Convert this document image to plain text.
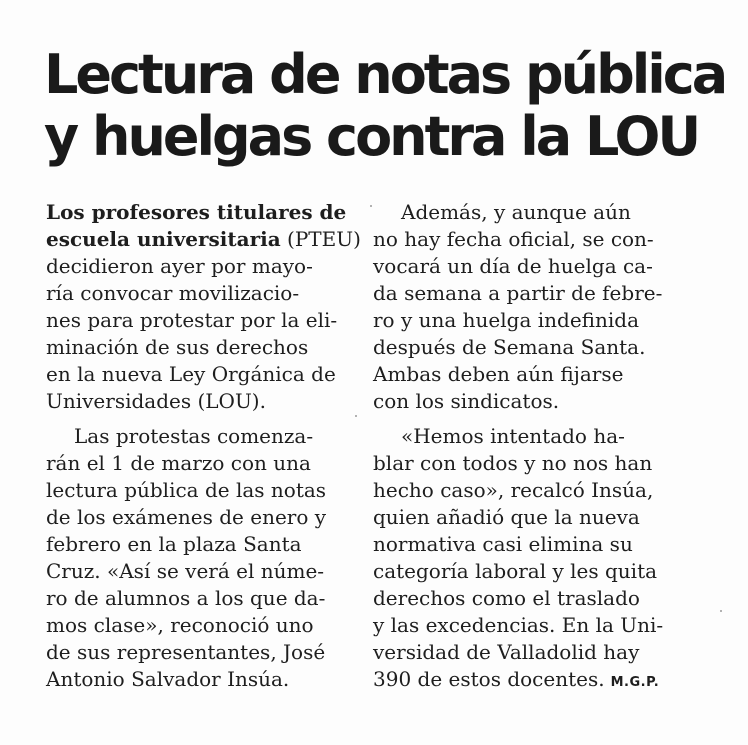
Lectura de notas pública
y huelgas contra la LOU
Los profesores titulares de
escuela universitaria (PTEU)
decidieron ayer por mayo-
ría convocar movilizacio-
nes para protestar por la eli-
minación de sus derechos
en la nueva Ley Orgánica de
Universidades (LOU).
Las protestas comenza-
rán el 1 de marzo con una
lectura pública de las notas
de los exámenes de enero y
febrero en la plaza Santa
Cruz. «Así se verá el núme-
ro de alumnos a los que da-
mos clase», reconoció uno
de sus representantes, José
Antonio Salvador Insúa.
Además, y aunque aún
no hay fecha oficial, se con-
vocará un día de huelga ca-
da semana a partir de febre-
ro y una huelga indefinida
después de Semana Santa.
Ambas deben aún fijarse
con los sindicatos.
«Hemos intentado ha-
blar con todos y no nos han
hecho caso», recalcó Insúa,
quien añadió que la nueva
normativa casi elimina su
categoría laboral y les quita
derechos como el traslado
y las excedencias. En la Uni-
versidad de Valladolid hay
390 de estos docentes. M.G.P.
